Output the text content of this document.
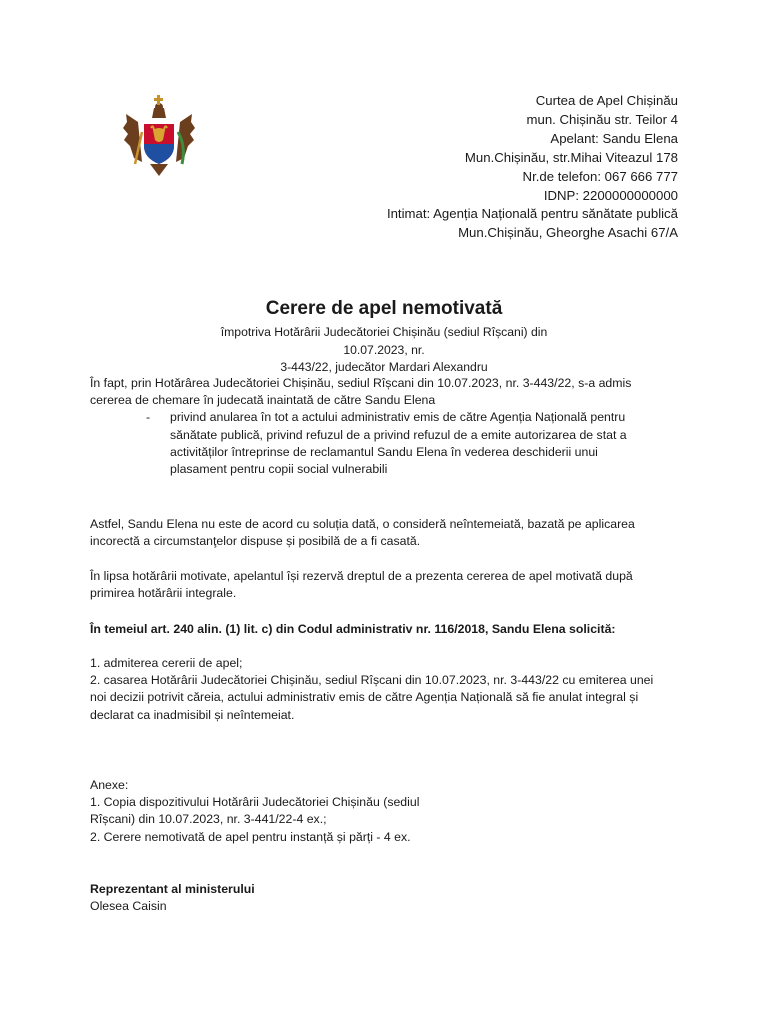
Curtea de Apel Chișinău
mun. Chișinău str. Teilor 4
Apelant: Sandu Elena
Mun.Chișinău, str.Mihai Viteazul 178
Nr.de telefon: 067 666 777
IDNP: 2200000000000
Intimat: Agenția Națională pentru sănătate publică
Mun.Chișinău, Gheorghe Asachi 67/A
Cerere de apel nemotivată
împotriva Hotărârii Judecătoriei Chișinău (sediul Rîșcani) din 10.07.2023, nr.
3-443/22, judecător Mardari Alexandru
În fapt, prin Hotărârea Judecătoriei Chișinău, sediul Rîșcani din 10.07.2023, nr. 3-443/22, s-a admis
cererea de chemare în judecată inaintată de către Sandu Elena
- privind anularea în tot a actului administrativ emis de către Agenția Națională pentru
sănătate publică, privind refuzul de a privind refuzul de a emite autorizarea de stat a
activităților întreprinse de reclamantul Sandu Elena în vederea deschiderii unui
plasament pentru copii social vulnerabili
Astfel, Sandu Elena nu este de acord cu soluția dată, o consideră neîntemeiată, bazată pe aplicarea
incorectă a circumstanţelor dispuse și posibilă de a fi casată.
În lipsa hotărârii motivate, apelantul își rezervă dreptul de a prezenta cererea de apel motivată după
primirea hotărârii integrale.
În temeiul art. 240 alin. (1) lit. c) din Codul administrativ nr. 116/2018, Sandu Elena solicită:
1. admiterea cererii de apel;
2. casarea Hotărârii Judecătoriei Chișinău, sediul Rîșcani din 10.07.2023, nr. 3-443/22 cu emiterea unei
noi decizii potrivit căreia, actului administrativ emis de către Agenția Națională să fie anulat integral și
declarat ca inadmisibil și neîntemeiat.
Anexe:
1. Copia dispozitivului Hotărârii Judecătoriei Chișinău (sediul
Rîșcani) din 10.07.2023, nr. 3-441/22-4 ex.;
2. Cerere nemotivată de apel pentru instanță și părți - 4 ex.
Reprezentant al ministerului
Olesea Caisin
